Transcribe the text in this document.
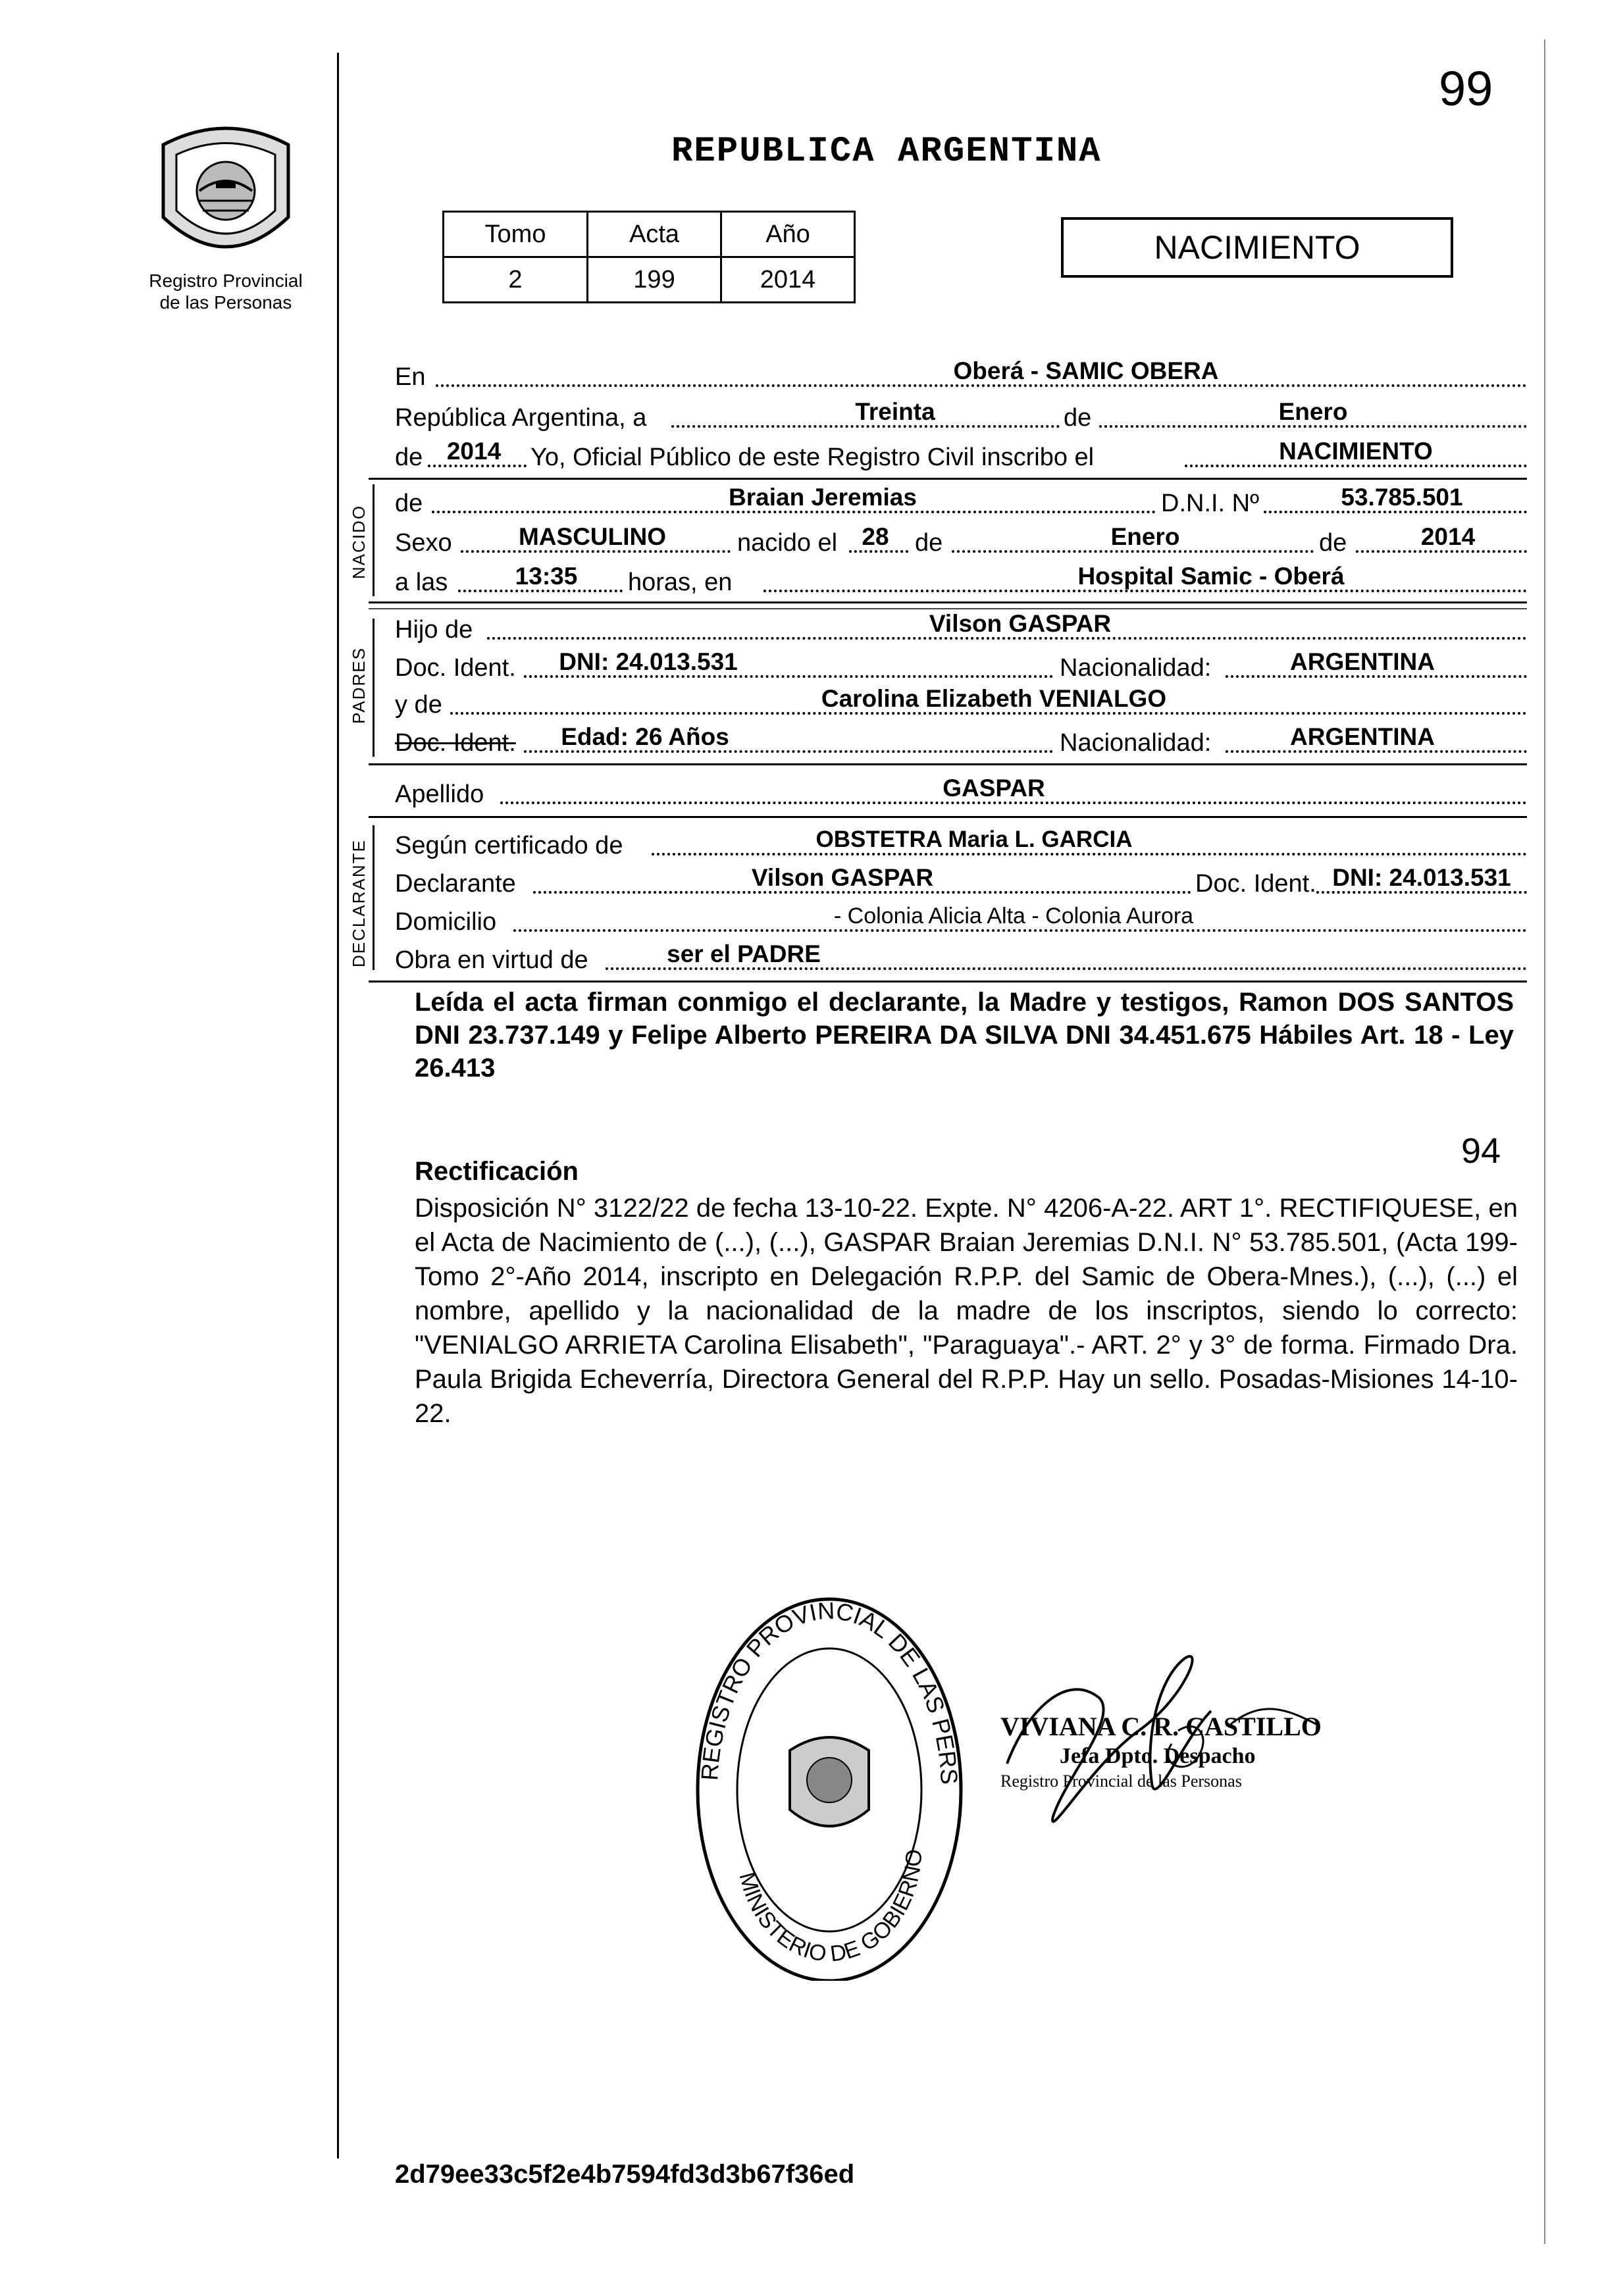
99
Registro Provincial
de las Personas
REPUBLICA ARGENTINA
Tomo	Acta	Año
2	199	2014
NACIMIENTO
En	Oberá - SAMIC OBERA
República Argentina, a	Treinta	de	Enero
de 2014	Yo, Oficial Público de este Registro Civil inscribo el	NACIMIENTO
NACIDO
de	Braian Jeremias	D.N.I. Nº	53.785.501
Sexo	MASCULINO	nacido el	28	de	Enero	de	2014
a las	13:35	horas, en	Hospital Samic - Oberá
PADRES
Hijo de	Vilson GASPAR
Doc. Ident.	DNI: 24.013.531	Nacionalidad:	ARGENTINA
y de	Carolina Elizabeth VENIALGO
Doc. Ident.	Edad: 26 Años	Nacionalidad:	ARGENTINA
Apellido	GASPAR
DECLARANTE Según certificado de	OBSTETRA Maria L. GARCIA
Declarante	Vilson GASPAR	Doc. Ident. DNI: 24.013.531
Domicilio	- Colonia Alicia Alta - Colonia Aurora
Obra en virtud de	ser el PADRE
Leída el acta firman conmigo el declarante, la Madre y testigos, Ramon DOS SANTOS DNI 23.737.149 y Felipe Alberto PEREIRA DA SILVA DNI 34.451.675 Hábiles Art. 18 - Ley 26.413
94
Rectificación
Disposición N° 3122/22 de fecha 13-10-22. Expte. N° 4206-A-22. ART 1°. RECTIFIQUESE, en el Acta de Nacimiento de (...), (...), GASPAR Braian Jeremias D.N.I. N° 53.785.501, (Acta 199-Tomo 2°-Año 2014, inscripto en Delegación R.P.P. del Samic de Obera-Mnes.), (...), (...) el nombre, apellido y la nacionalidad de la madre de los inscriptos, siendo lo correcto: "VENIALGO ARRIETA Carolina Elisabeth", "Paraguaya".- ART. 2° y 3° de forma. Firmado Dra. Paula Brigida Echeverría, Directora General del R.P.P. Hay un sello. Posadas-Misiones 14-10-22.
REGISTRO PROVINCIAL DE LAS PERS
MINISTERIO DE GOBIERNO
VIVIANA C. R. CASTILLO
Jefa Dpto. Despacho
Registro Provincial de las Personas
2d79ee33c5f2e4b7594fd3d3b67f36ed
